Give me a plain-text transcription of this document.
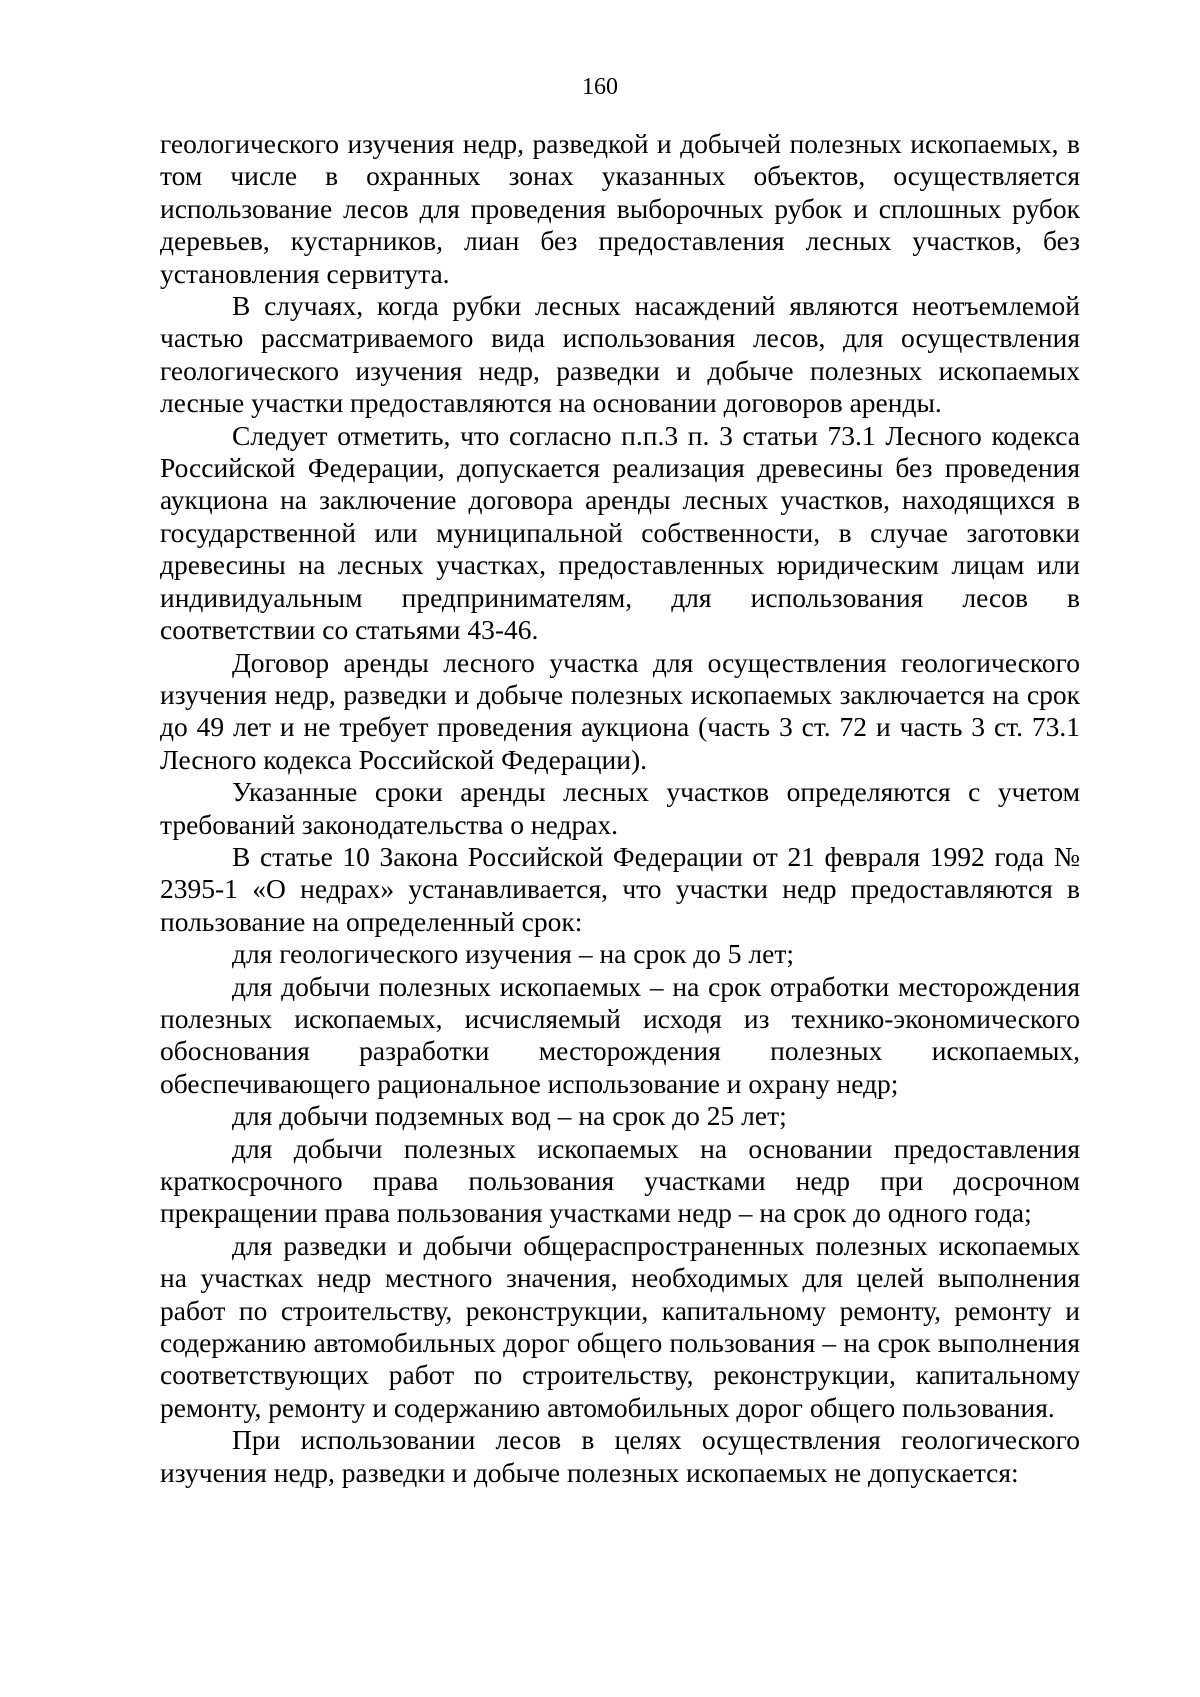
160

геологического изучения недр, разведкой и добычей полезных ископаемых, в том числе в охранных зонах указанных объектов, осуществляется использование лесов для проведения выборочных рубок и сплошных рубок деревьев, кустарников, лиан без предоставления лесных участков, без установления сервитута.

В случаях, когда рубки лесных насаждений являются неотъемлемой частью рассматриваемого вида использования лесов, для осуществления геологического изучения недр, разведки и добыче полезных ископаемых лесные участки предоставляются на основании договоров аренды.

Следует отметить, что согласно п.п.3 п. 3 статьи 73.1 Лесного кодекса Российской Федерации, допускается реализация древесины без проведения аукциона на заключение договора аренды лесных участков, находящихся в государственной или муниципальной собственности, в случае заготовки древесины на лесных участках, предоставленных юридическим лицам или индивидуальным предпринимателям, для использования лесов в соответствии со статьями 43-46.

Договор аренды лесного участка для осуществления геологического изучения недр, разведки и добыче полезных ископаемых заключается на срок до 49 лет и не требует проведения аукциона (часть 3 ст. 72 и часть 3 ст. 73.1 Лесного кодекса Российской Федерации).

Указанные сроки аренды лесных участков определяются с учетом требований законодательства о недрах.

В статье 10 Закона Российской Федерации от 21 февраля 1992 года № 2395-1 «О недрах» устанавливается, что участки недр предоставляются в пользование на определенный срок:

для геологического изучения – на срок до 5 лет;

для добычи полезных ископаемых – на срок отработки месторождения полезных ископаемых, исчисляемый исходя из технико-экономического обоснования разработки месторождения полезных ископаемых, обеспечивающего рациональное использование и охрану недр;

для добычи подземных вод – на срок до 25 лет;

для добычи полезных ископаемых на основании предоставления краткосрочного права пользования участками недр при досрочном прекращении права пользования участками недр – на срок до одного года;

для разведки и добычи общераспространенных полезных ископаемых на участках недр местного значения, необходимых для целей выполнения работ по строительству, реконструкции, капитальному ремонту, ремонту и содержанию автомобильных дорог общего пользования – на срок выполнения соответствующих работ по строительству, реконструкции, капитальному ремонту, ремонту и содержанию автомобильных дорог общего пользования.

При использовании лесов в целях осуществления геологического изучения недр, разведки и добыче полезных ископаемых не допускается:
